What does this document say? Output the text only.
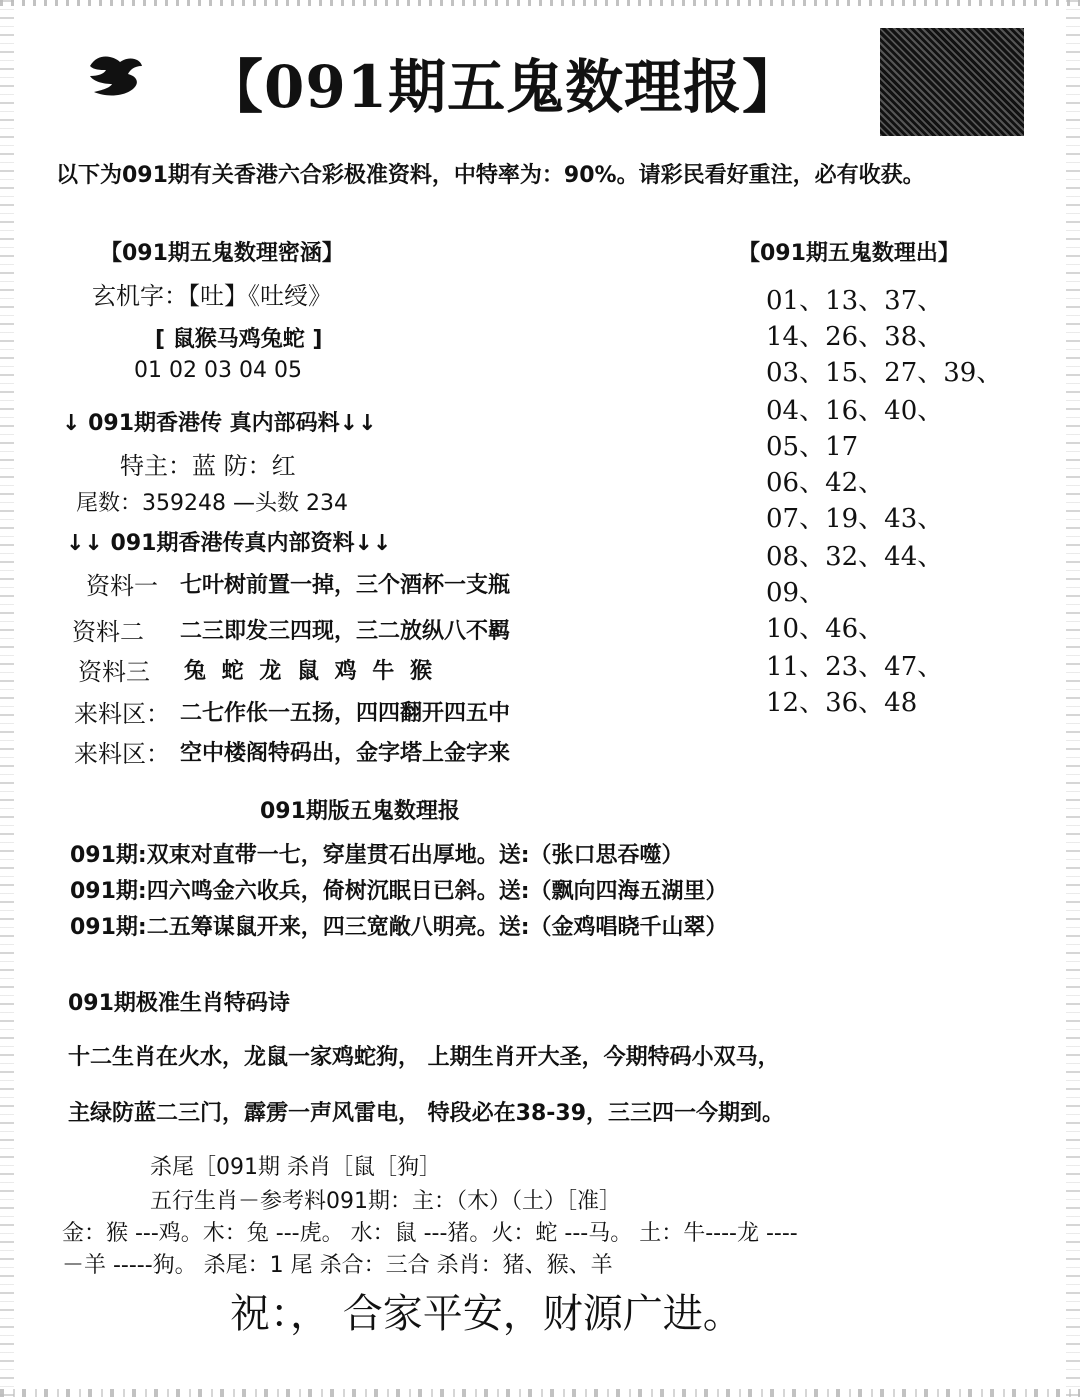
【091期五鬼数理报】
以下为091期有关香港六合彩极准资料，中特率为：90%。请彩民看好重注，必有收获。
【091期五鬼数理密涵】
玄机字：【吐】《吐绶》
[ 鼠猴马鸡兔蛇 ]
01 02 03 04 05
↓ 091期香港传 真内部码料↓↓
特主：蓝 防：红
尾数：359248 —头数 234
↓↓ 091期香港传真内部资料↓↓
资料一 七叶树前置一掉，三个酒杯一支瓶
资料二 二三即发三四现，三二放纵八不羁
资料三 兔 蛇 龙 鼠 鸡 牛 猴
来料区： 二七作伥一五扬，四四翻开四五中
来料区： 空中楼阁特码出，金字塔上金字来
【091期五鬼数理出】
01、13、37、
14、26、38、
03、15、27、39、
04、16、40、
05、17
06、42、
07、19、43、
08、32、44、
09、
10、46、
11、23、47、
12、36、48
091期版五鬼数理报
091期:双束对直带一七，穿崖贯石出厚地。送:（张口思吞噬）
091期:四六鸣金六收兵，倚树沉眠日已斜。送:（飘向四海五湖里）
091期:二五筹谋鼠开来，四三宽敞八明亮。送:（金鸡唱晓千山翠）
091期极准生肖特码诗
十二生肖在火水，龙鼠一家鸡蛇狗， 上期生肖开大圣，今期特码小双马，
主绿防蓝二三门，霹雳一声风雷电， 特段必在38-39，三三四一今期到。
杀尾［091期 杀肖［鼠［狗］
五行生肖－参考料091期：主：（木）（土）［准］
金：猴 ---鸡。木：兔 ---虎。 水：鼠 ---猪。火：蛇 ---马。 土：牛----龙 ----
－羊 -----狗。 杀尾：1 尾 杀合：三合 杀肖：猪、猴、羊
祝：， 合家平安，财源广进。
